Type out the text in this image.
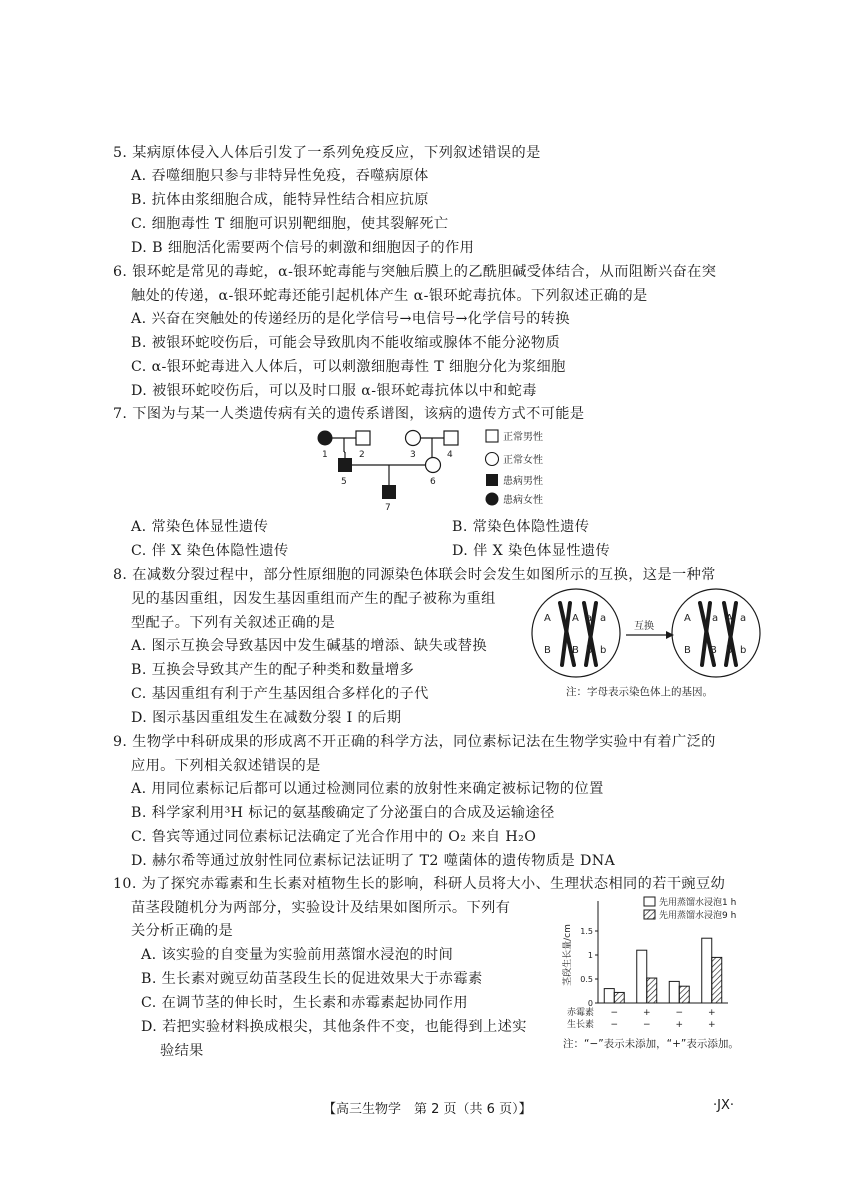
5. 某病原体侵入人体后引发了一系列免疫反应，下列叙述错误的是
A. 吞噬细胞只参与非特异性免疫，吞噬病原体
B. 抗体由浆细胞合成，能特异性结合相应抗原
C. 细胞毒性 T 细胞可识别靶细胞，使其裂解死亡
D. B 细胞活化需要两个信号的刺激和细胞因子的作用
6. 银环蛇是常见的毒蛇，α-银环蛇毒能与突触后膜上的乙酰胆碱受体结合，从而阻断兴奋在突
触处的传递，α-银环蛇毒还能引起机体产生 α-银环蛇毒抗体。下列叙述正确的是
A. 兴奋在突触处的传递经历的是化学信号→电信号→化学信号的转换
B. 被银环蛇咬伤后，可能会导致肌肉不能收缩或腺体不能分泌物质
C. α-银环蛇毒进入人体后，可以刺激细胞毒性 T 细胞分化为浆细胞
D. 被银环蛇咬伤后，可以及时口服 α-银环蛇毒抗体以中和蛇毒
7. 下图为与某一人类遗传病有关的遗传系谱图，该病的遗传方式不可能是
1	2	3	4
5	6
7
正常男性
正常女性
患病男性
患病女性
A. 常染色体显性遗传	B. 常染色体隐性遗传
C. 伴 X 染色体隐性遗传	D. 伴 X 染色体显性遗传
8. 在减数分裂过程中，部分性原细胞的同源染色体联会时会发生如图所示的互换，这是一种常
见的基因重组，因发生基因重组而产生的配子被称为重组
型配子。下列有关叙述正确的是
A. 图示互换会导致基因中发生碱基的增添、缺失或替换
B. 互换会导致其产生的配子种类和数量增多
C. 基因重组有利于产生基因组合多样化的子代
D. 图示基因重组发生在减数分裂 I 的后期
A A a a
B B b b
互换
A a A a
B B b b
注：字母表示染色体上的基因。
9. 生物学中科研成果的形成离不开正确的科学方法，同位素标记法在生物学实验中有着广泛的
应用。下列相关叙述错误的是
A. 用同位素标记后都可以通过检测同位素的放射性来确定被标记物的位置
B. 科学家利用³H 标记的氨基酸确定了分泌蛋白的合成及运输途径
C. 鲁宾等通过同位素标记法确定了光合作用中的 O₂ 来自 H₂O
D. 赫尔希等通过放射性同位素标记法证明了 T2 噬菌体的遗传物质是 DNA
10. 为了探究赤霉素和生长素对植物生长的影响，科研人员将大小、生理状态相同的若干豌豆幼
苗茎段随机分为两部分，实验设计及结果如图所示。下列有
关分析正确的是
A. 该实验的自变量为实验前用蒸馏水浸泡的时间
B. 生长素对豌豆幼苗茎段生长的促进效果大于赤霉素
C. 在调节茎的伸长时，生长素和赤霉素起协同作用
D. 若把实验材料换成根尖，其他条件不变，也能得到上述实
验结果
茎段生长量/cm
0
0.5
1
1.5
−
−
+
−
−
+
+
+
赤霉素
生长素
先用蒸馏水浸泡1 h
先用蒸馏水浸泡9 h
注：“−”表示未添加，“+”表示添加。
【高三生物学　第 2 页（共 6 页）】	·JX·
